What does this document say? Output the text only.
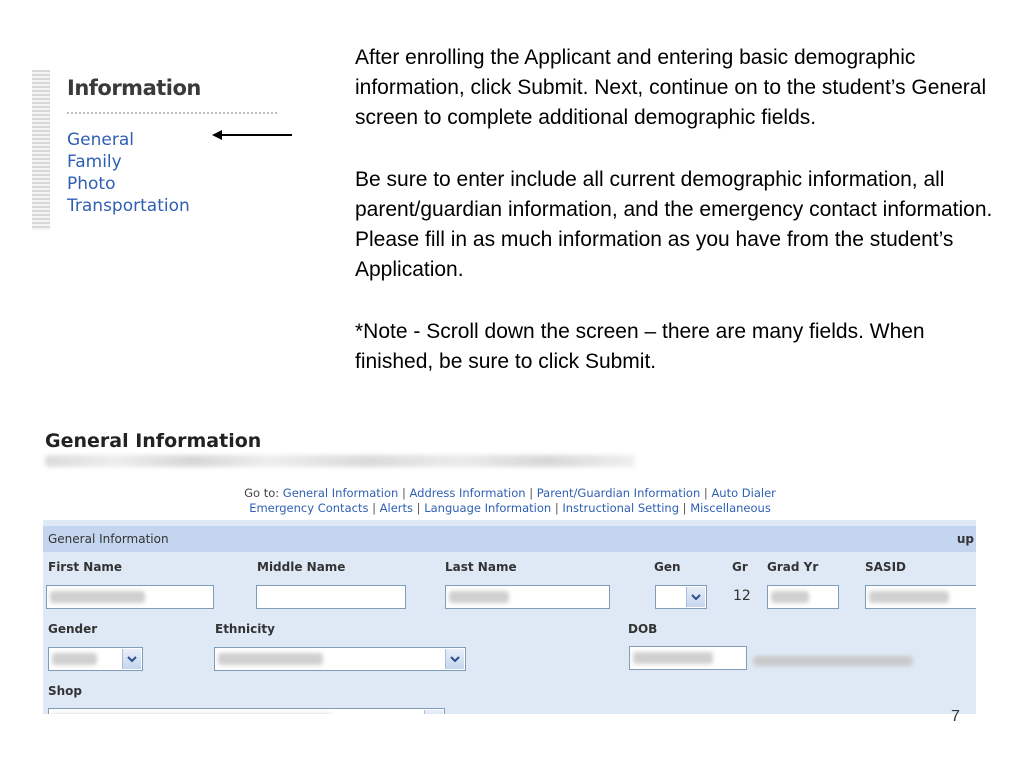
Information
General
Family
Photo
Transportation

After enrolling the Applicant and entering basic demographic information, click Submit. Next, continue on to the student’s General screen to complete additional demographic fields.

Be sure to enter include all current demographic information, all parent/guardian information, and the emergency contact information. Please fill in as much information as you have from the student’s Application.

*Note - Scroll down the screen – there are many fields. When finished, be sure to click Submit.

General Information
Go to: General Information | Address Information | Parent/Guardian Information | Auto Dialer
Emergency Contacts | Alerts | Language Information | Instructional Setting | Miscellaneous
General Information	up
First Name	Middle Name	Last Name	Gen	Gr Grad Yr	SASID
12
Gender	Ethnicity	DOB
Shop
7
